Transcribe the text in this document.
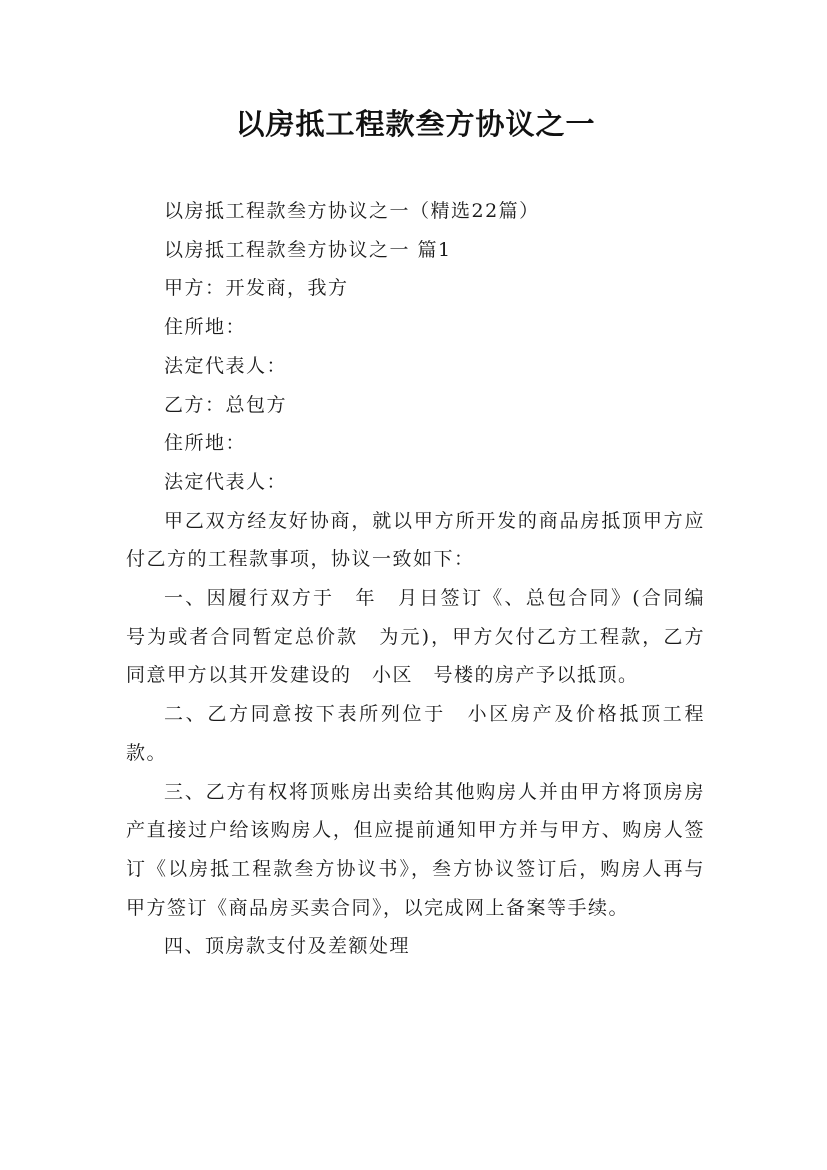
以房抵工程款叁方协议之一

以房抵工程款叁方协议之一（精选22篇）

以房抵工程款叁方协议之一 篇1

甲方：开发商，我方

住所地：

法定代表人：

乙方：总包方

住所地：

法定代表人：

甲乙双方经友好协商，就以甲方所开发的商品房抵顶甲方应付乙方的工程款事项，协议一致如下：

一、因履行双方于　年　月日签订《、总包合同》(合同编号为或者合同暂定总价款　为元)，甲方欠付乙方工程款，乙方同意甲方以其开发建设的　小区　号楼的房产予以抵顶。

二、乙方同意按下表所列位于　小区房产及价格抵顶工程款。

三、乙方有权将顶账房出卖给其他购房人并由甲方将顶房房产直接过户给该购房人，但应提前通知甲方并与甲方、购房人签订《以房抵工程款叁方协议书》，叁方协议签订后，购房人再与甲方签订《商品房买卖合同》，以完成网上备案等手续。

四、顶房款支付及差额处理
